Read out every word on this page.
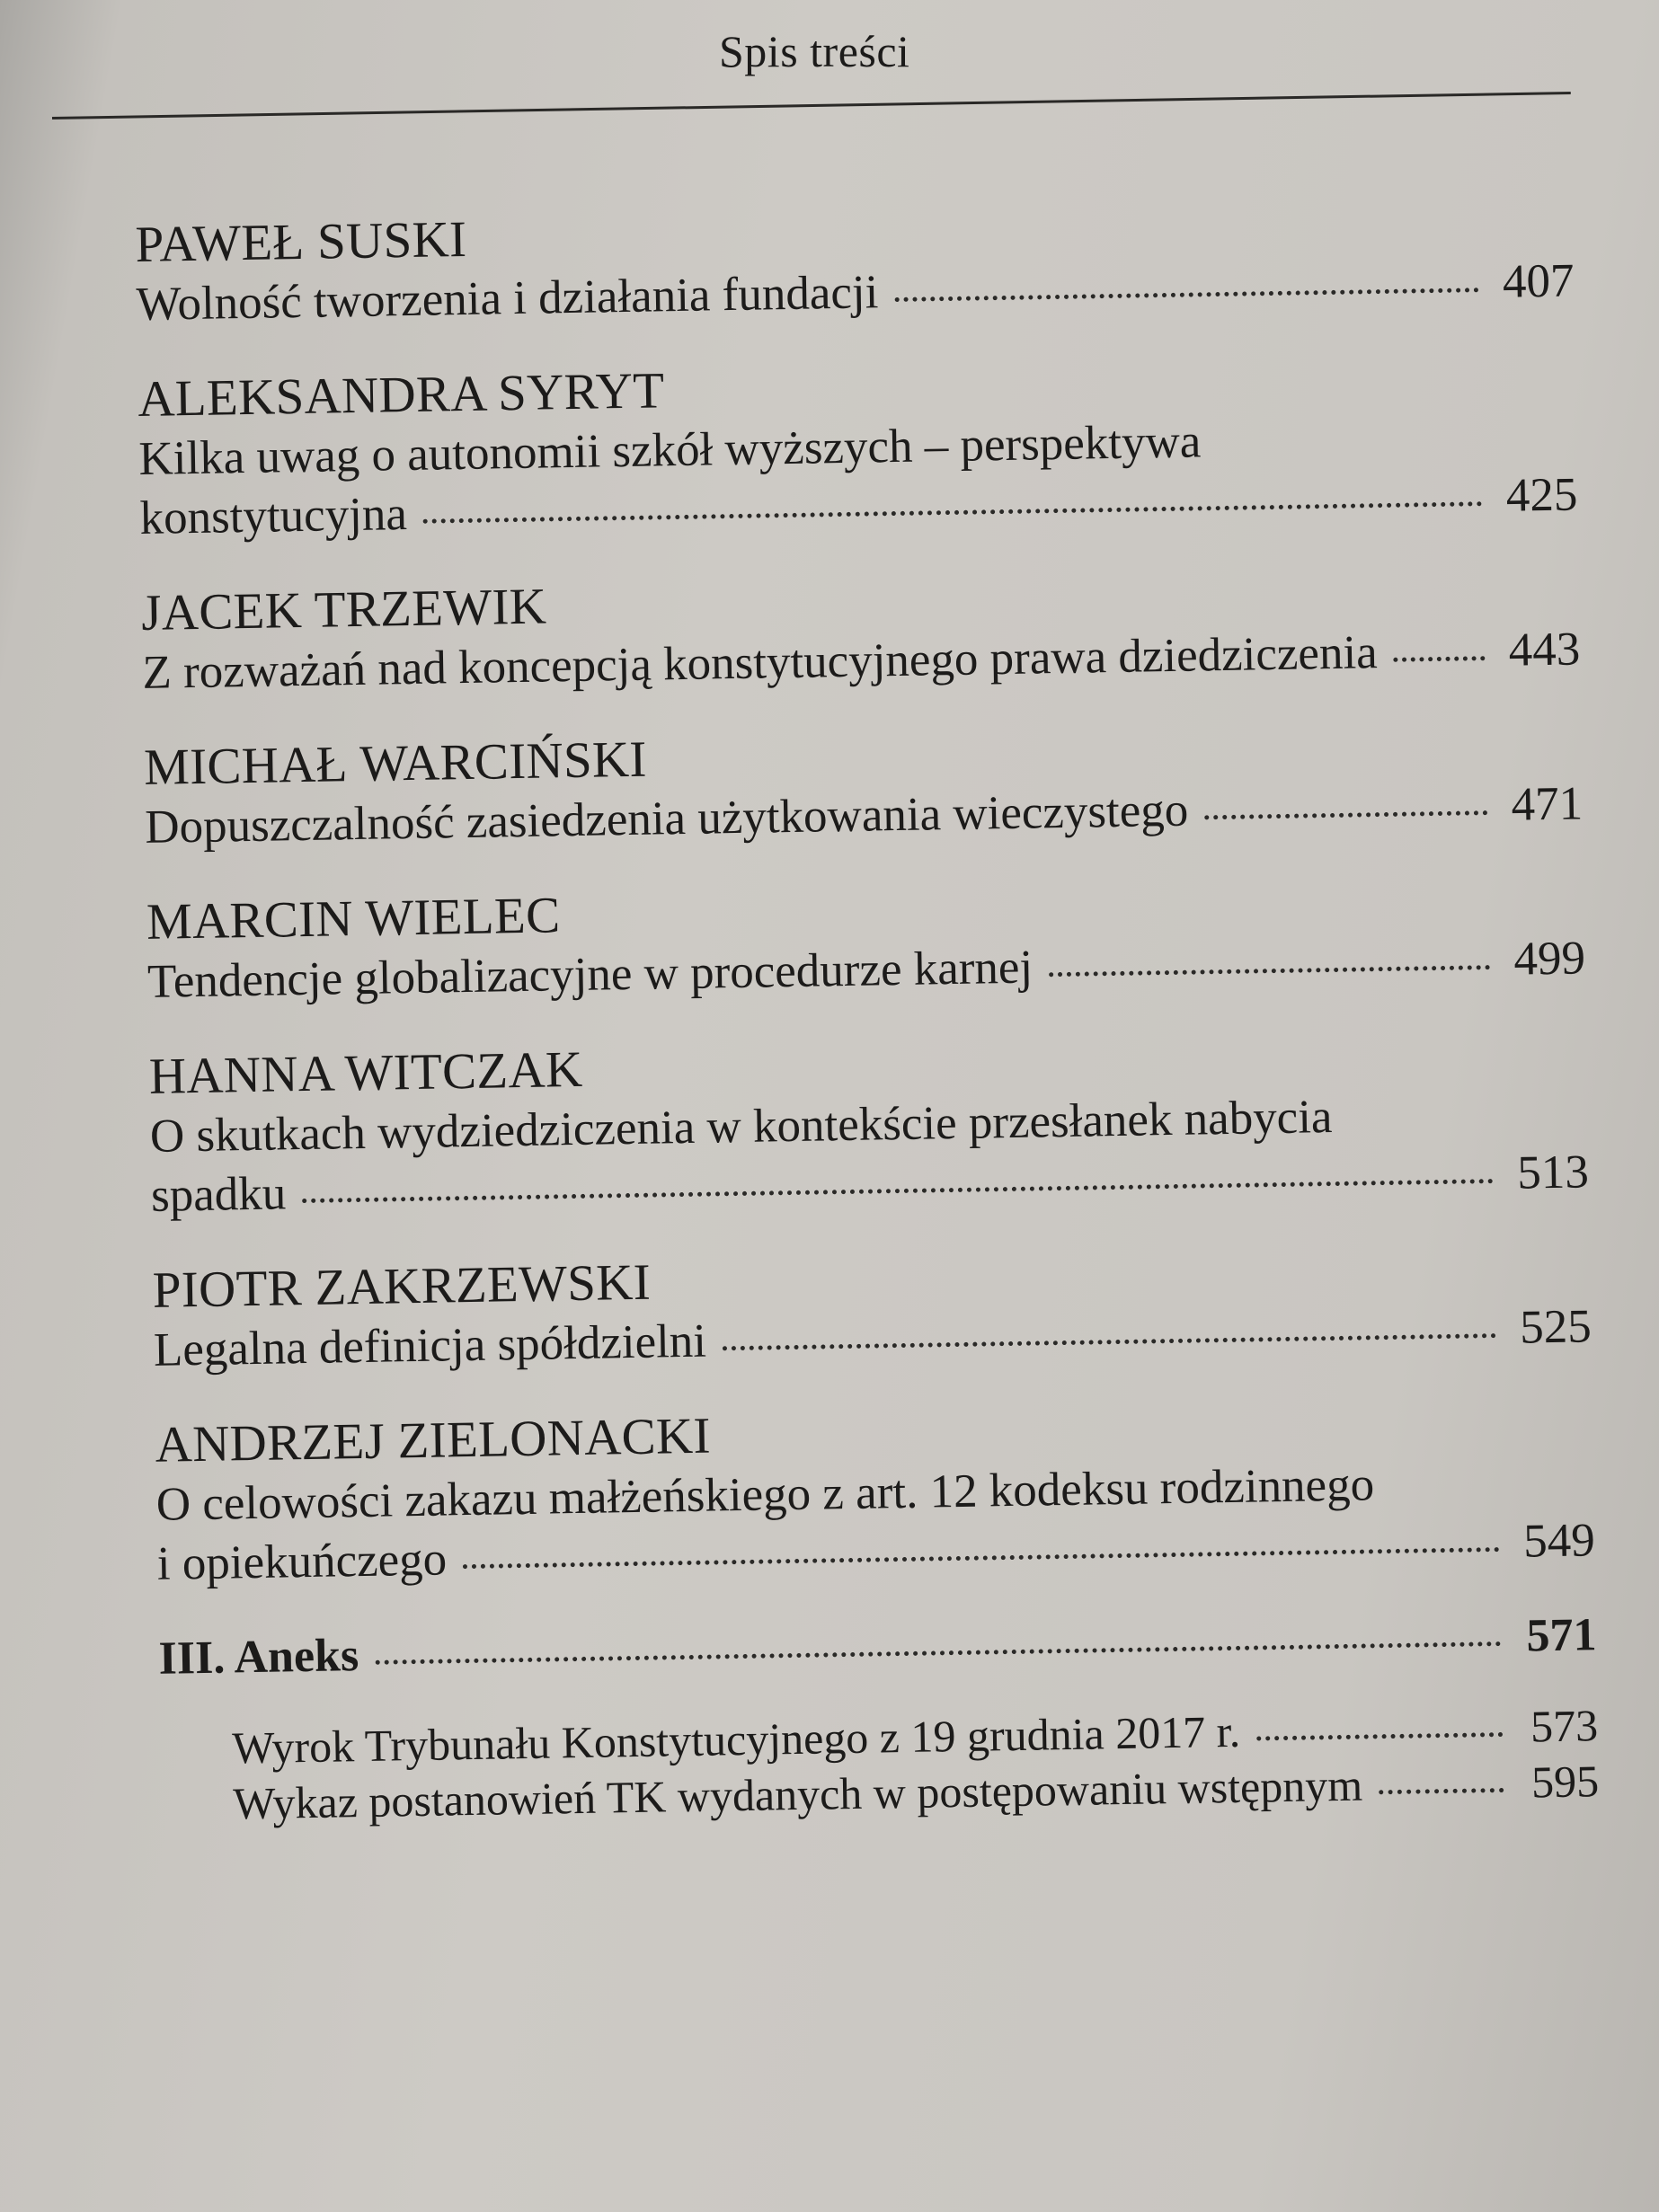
Spis treści
PAWEŁ SUSKI
Wolność tworzenia i działania fundacji	407
ALEKSANDRA SYRYT
Kilka uwag o autonomii szkół wyższych – perspektywa
konstytucyjna	425
JACEK TRZEWIK
Z rozważań nad koncepcją konstytucyjnego prawa dziedziczenia	443
MICHAŁ WARCIŃSKI
Dopuszczalność zasiedzenia użytkowania wieczystego	471
MARCIN WIELEC
Tendencje globalizacyjne w procedurze karnej	499
HANNA WITCZAK
O skutkach wydziedziczenia w kontekście przesłanek nabycia
spadku	513
PIOTR ZAKRZEWSKI
Legalna definicja spółdzielni	525
ANDRZEJ ZIELONACKI
O celowości zakazu małżeńskiego z art. 12 kodeksu rodzinnego
i opiekuńczego	549
III. Aneks	571
Wyrok Trybunału Konstytucyjnego z 19 grudnia 2017 r.	573
Wykaz postanowień TK wydanych w postępowaniu wstępnym	595
